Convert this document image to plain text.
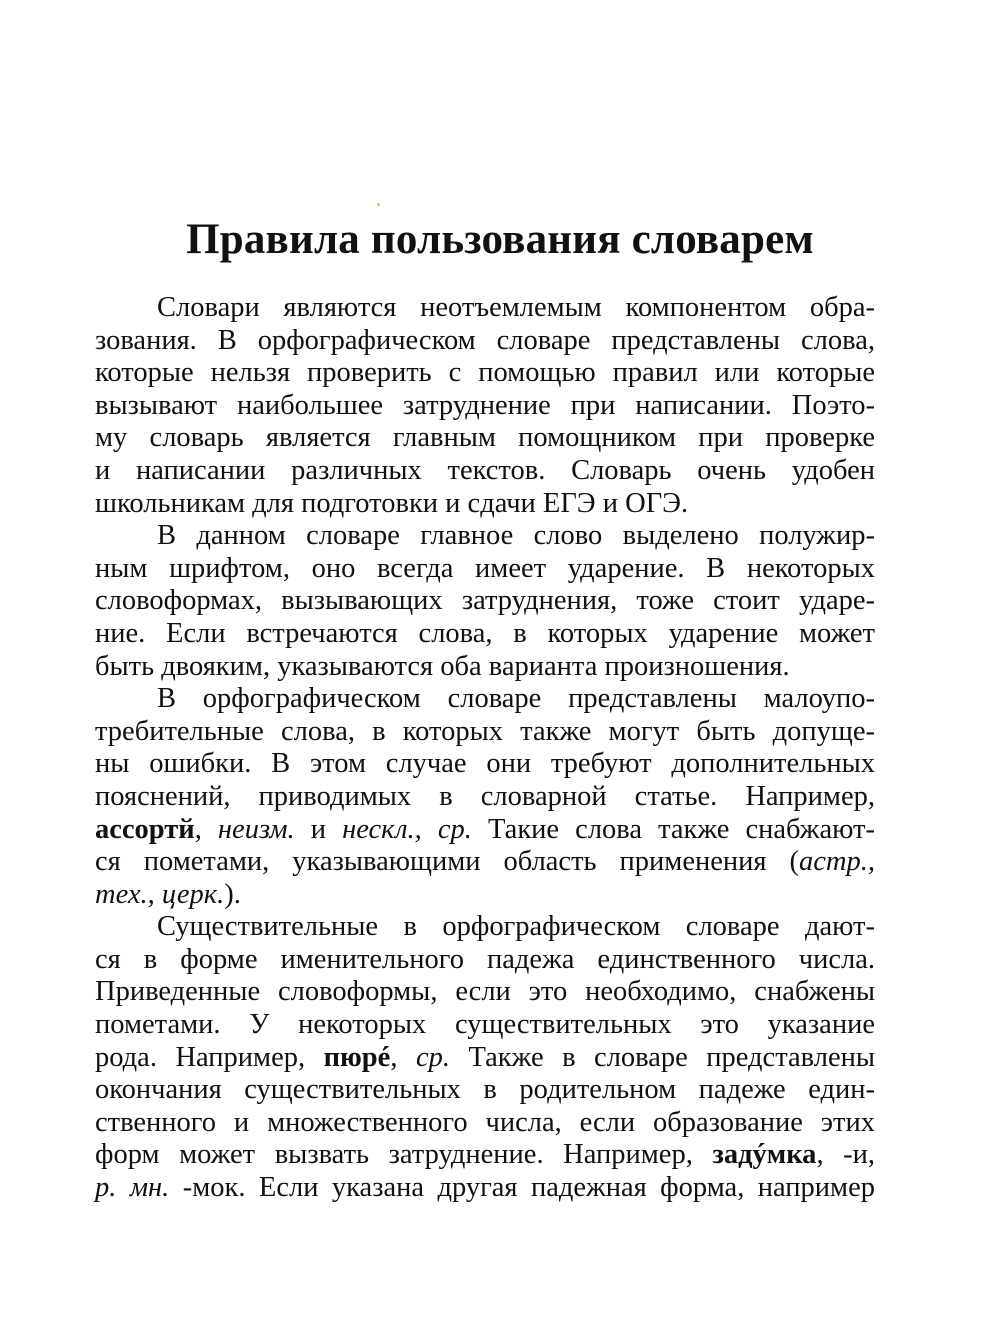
Правила пользования словарем
Словари являются неотъемлемым компонентом обра-
зования. В орфографическом словаре представлены слова,
которые нельзя проверить с помощью правил или которые
вызывают наибольшее затруднение при написании. Поэто-
му словарь является главным помощником при проверке
и написании различных текстов. Словарь очень удобен
школьникам для подготовки и сдачи ЕГЭ и ОГЭ.
В данном словаре главное слово выделено полужир-
ным шрифтом, оно всегда имеет ударение. В некоторых
словоформах, вызывающих затруднения, тоже стоит ударе-
ние. Если встречаются слова, в которых ударение может
быть двояким, указываются оба варианта произношения.
В орфографическом словаре представлены малоупо-
требительные слова, в которых также могут быть допуще-
ны ошибки. В этом случае они требуют дополнительных
пояснений, приводимых в словарной статье. Например,
ассортй, неизм. и нескл., ср. Такие слова также снабжают-
ся пометами, указывающими область применения (астр.,
тех., церк.).
Существительные в орфографическом словаре дают-
ся в форме именительного падежа единственного числа.
Приведенные словоформы, если это необходимо, снабжены
пометами. У некоторых существительных это указание
рода. Например, пюрé, ср. Также в словаре представлены
окончания существительных в родительном падеже един-
ственного и множественного числа, если образование этих
форм может вызвать затруднение. Например, задýмка, -и,
р. мн. -мок. Если указана другая падежная форма, например
